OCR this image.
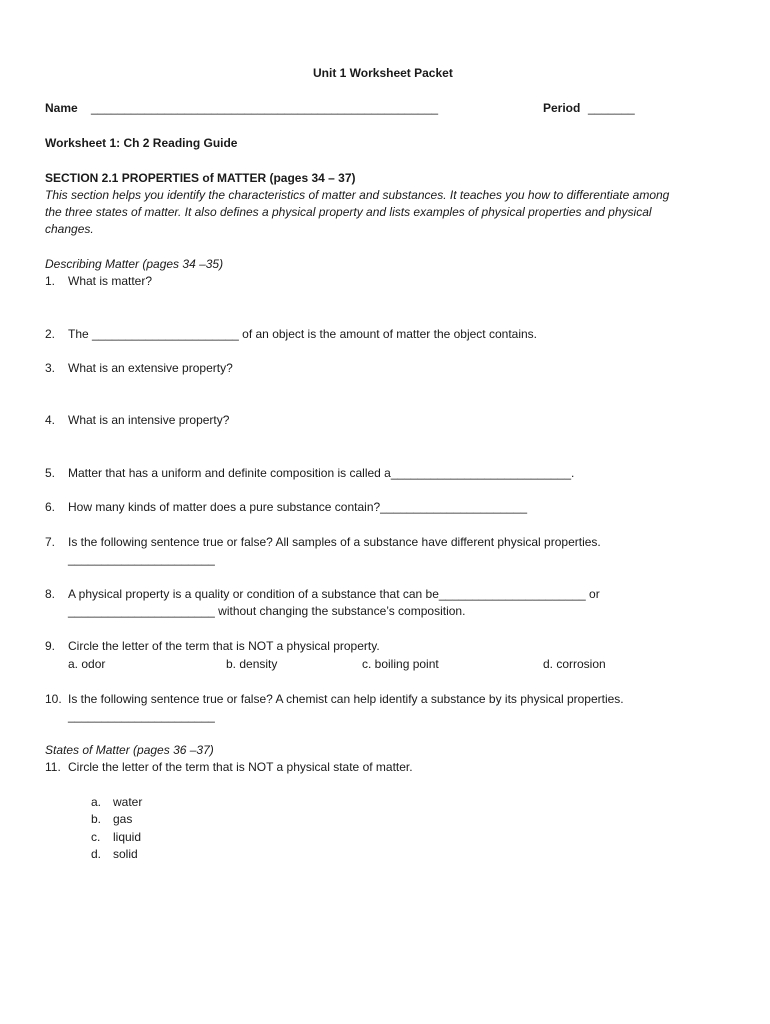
Unit 1 Worksheet Packet
Name ____________________________________________________	Period _______
Worksheet 1: Ch 2 Reading Guide
SECTION 2.1 PROPERTIES of MATTER (pages 34 – 37)
This section helps you identify the characteristics of matter and substances. It teaches you how to differentiate among
the three states of matter. It also defines a physical property and lists examples of physical properties and physical
changes.
Describing Matter (pages 34 –35)
1. What is matter?
2. The ______________________ of an object is the amount of matter the object contains.
3. What is an extensive property?
4. What is an intensive property?
5. Matter that has a uniform and definite composition is called a___________________________.
6. How many kinds of matter does a pure substance contain?______________________
7. Is the following sentence true or false? All samples of a substance have different physical properties.
______________________
8. A physical property is a quality or condition of a substance that can be______________________ or
______________________ without changing the substance’s composition.
9. Circle the letter of the term that is NOT a physical property.
a. odor	b. density	c. boiling point	d. corrosion
10. Is the following sentence true or false? A chemist can help identify a substance by its physical properties.
______________________
States of Matter (pages 36 –37)
11. Circle the letter of the term that is NOT a physical state of matter.
a. water
b. gas
c. liquid
d. solid
